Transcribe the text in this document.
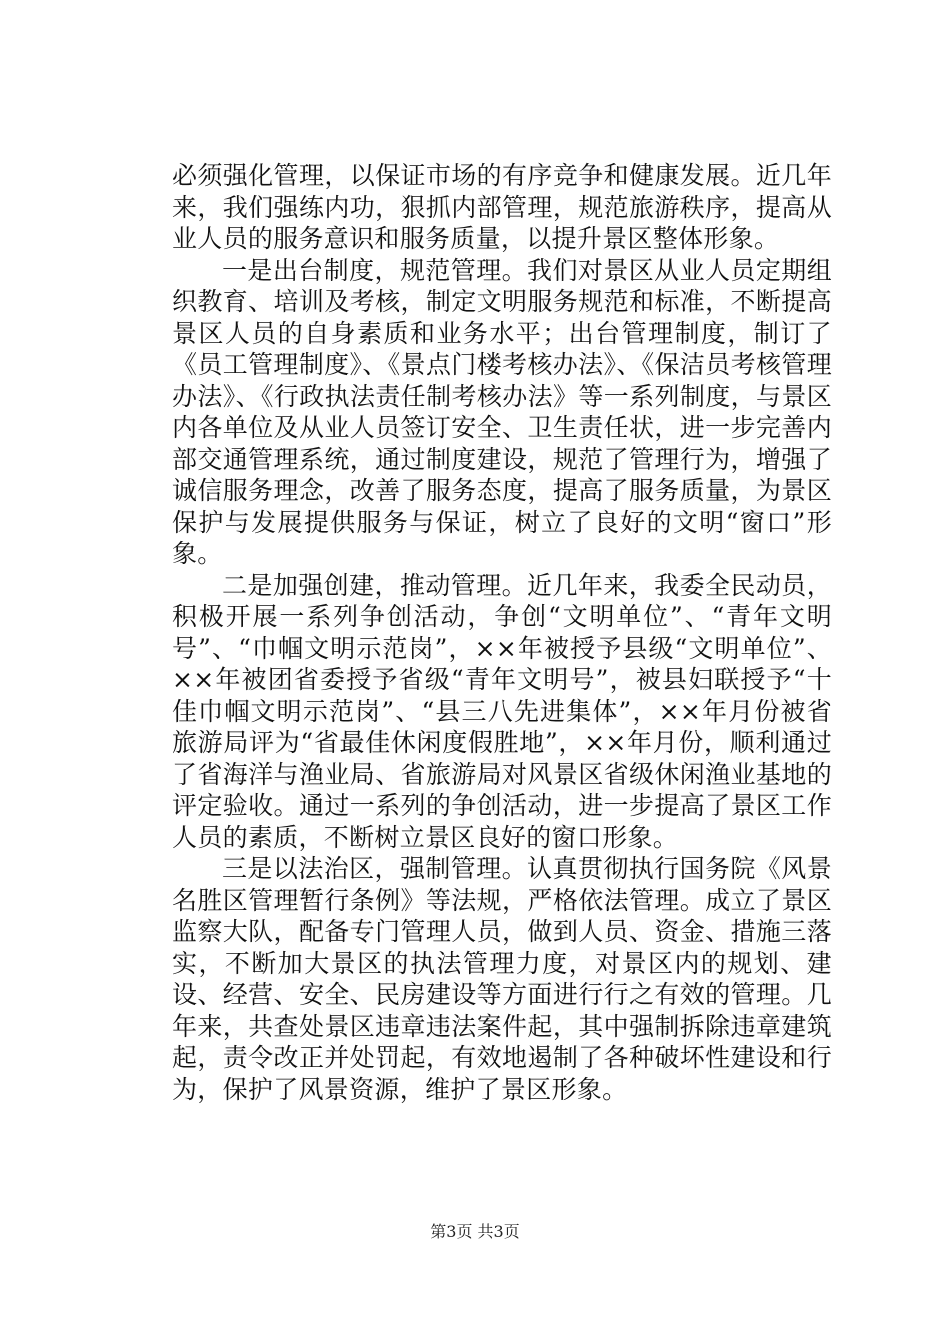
必须强化管理，以保证市场的有序竞争和健康发展。近几年来，我们强练内功，狠抓内部管理，规范旅游秩序，提高从业人员的服务意识和服务质量，以提升景区整体形象。

一是出台制度，规范管理。我们对景区从业人员定期组织教育、培训及考核，制定文明服务规范和标准，不断提高景区人员的自身素质和业务水平；出台管理制度，制订了《员工管理制度》、《景点门楼考核办法》、《保洁员考核管理办法》、《行政执法责任制考核办法》等一系列制度，与景区内各单位及从业人员签订安全、卫生责任状，进一步完善内部交通管理系统，通过制度建设，规范了管理行为，增强了诚信服务理念，改善了服务态度，提高了服务质量，为景区保护与发展提供服务与保证，树立了良好的文明“窗口”形象。

二是加强创建，推动管理。近几年来，我委全民动员，积极开展一系列争创活动，争创“文明单位”、“青年文明号”、“巾帼文明示范岗”，××年被授予县级“文明单位”、××年被团省委授予省级“青年文明号”，被县妇联授予“十佳巾帼文明示范岗”、“县三八先进集体”，××年月份被省旅游局评为“省最佳休闲度假胜地”，××年月份，顺利通过了省海洋与渔业局、省旅游局对风景区省级休闲渔业基地的评定验收。通过一系列的争创活动，进一步提高了景区工作人员的素质，不断树立景区良好的窗口形象。

三是以法治区，强制管理。认真贯彻执行国务院《风景名胜区管理暂行条例》等法规，严格依法管理。成立了景区监察大队，配备专门管理人员，做到人员、资金、措施三落实，不断加大景区的执法管理力度，对景区内的规划、建设、经营、安全、民房建设等方面进行行之有效的管理。几年来，共查处景区违章违法案件起，其中强制拆除违章建筑起，责令改正并处罚起，有效地遏制了各种破坏性建设和行为，保护了风景资源，维护了景区形象。

第3页 共3页
